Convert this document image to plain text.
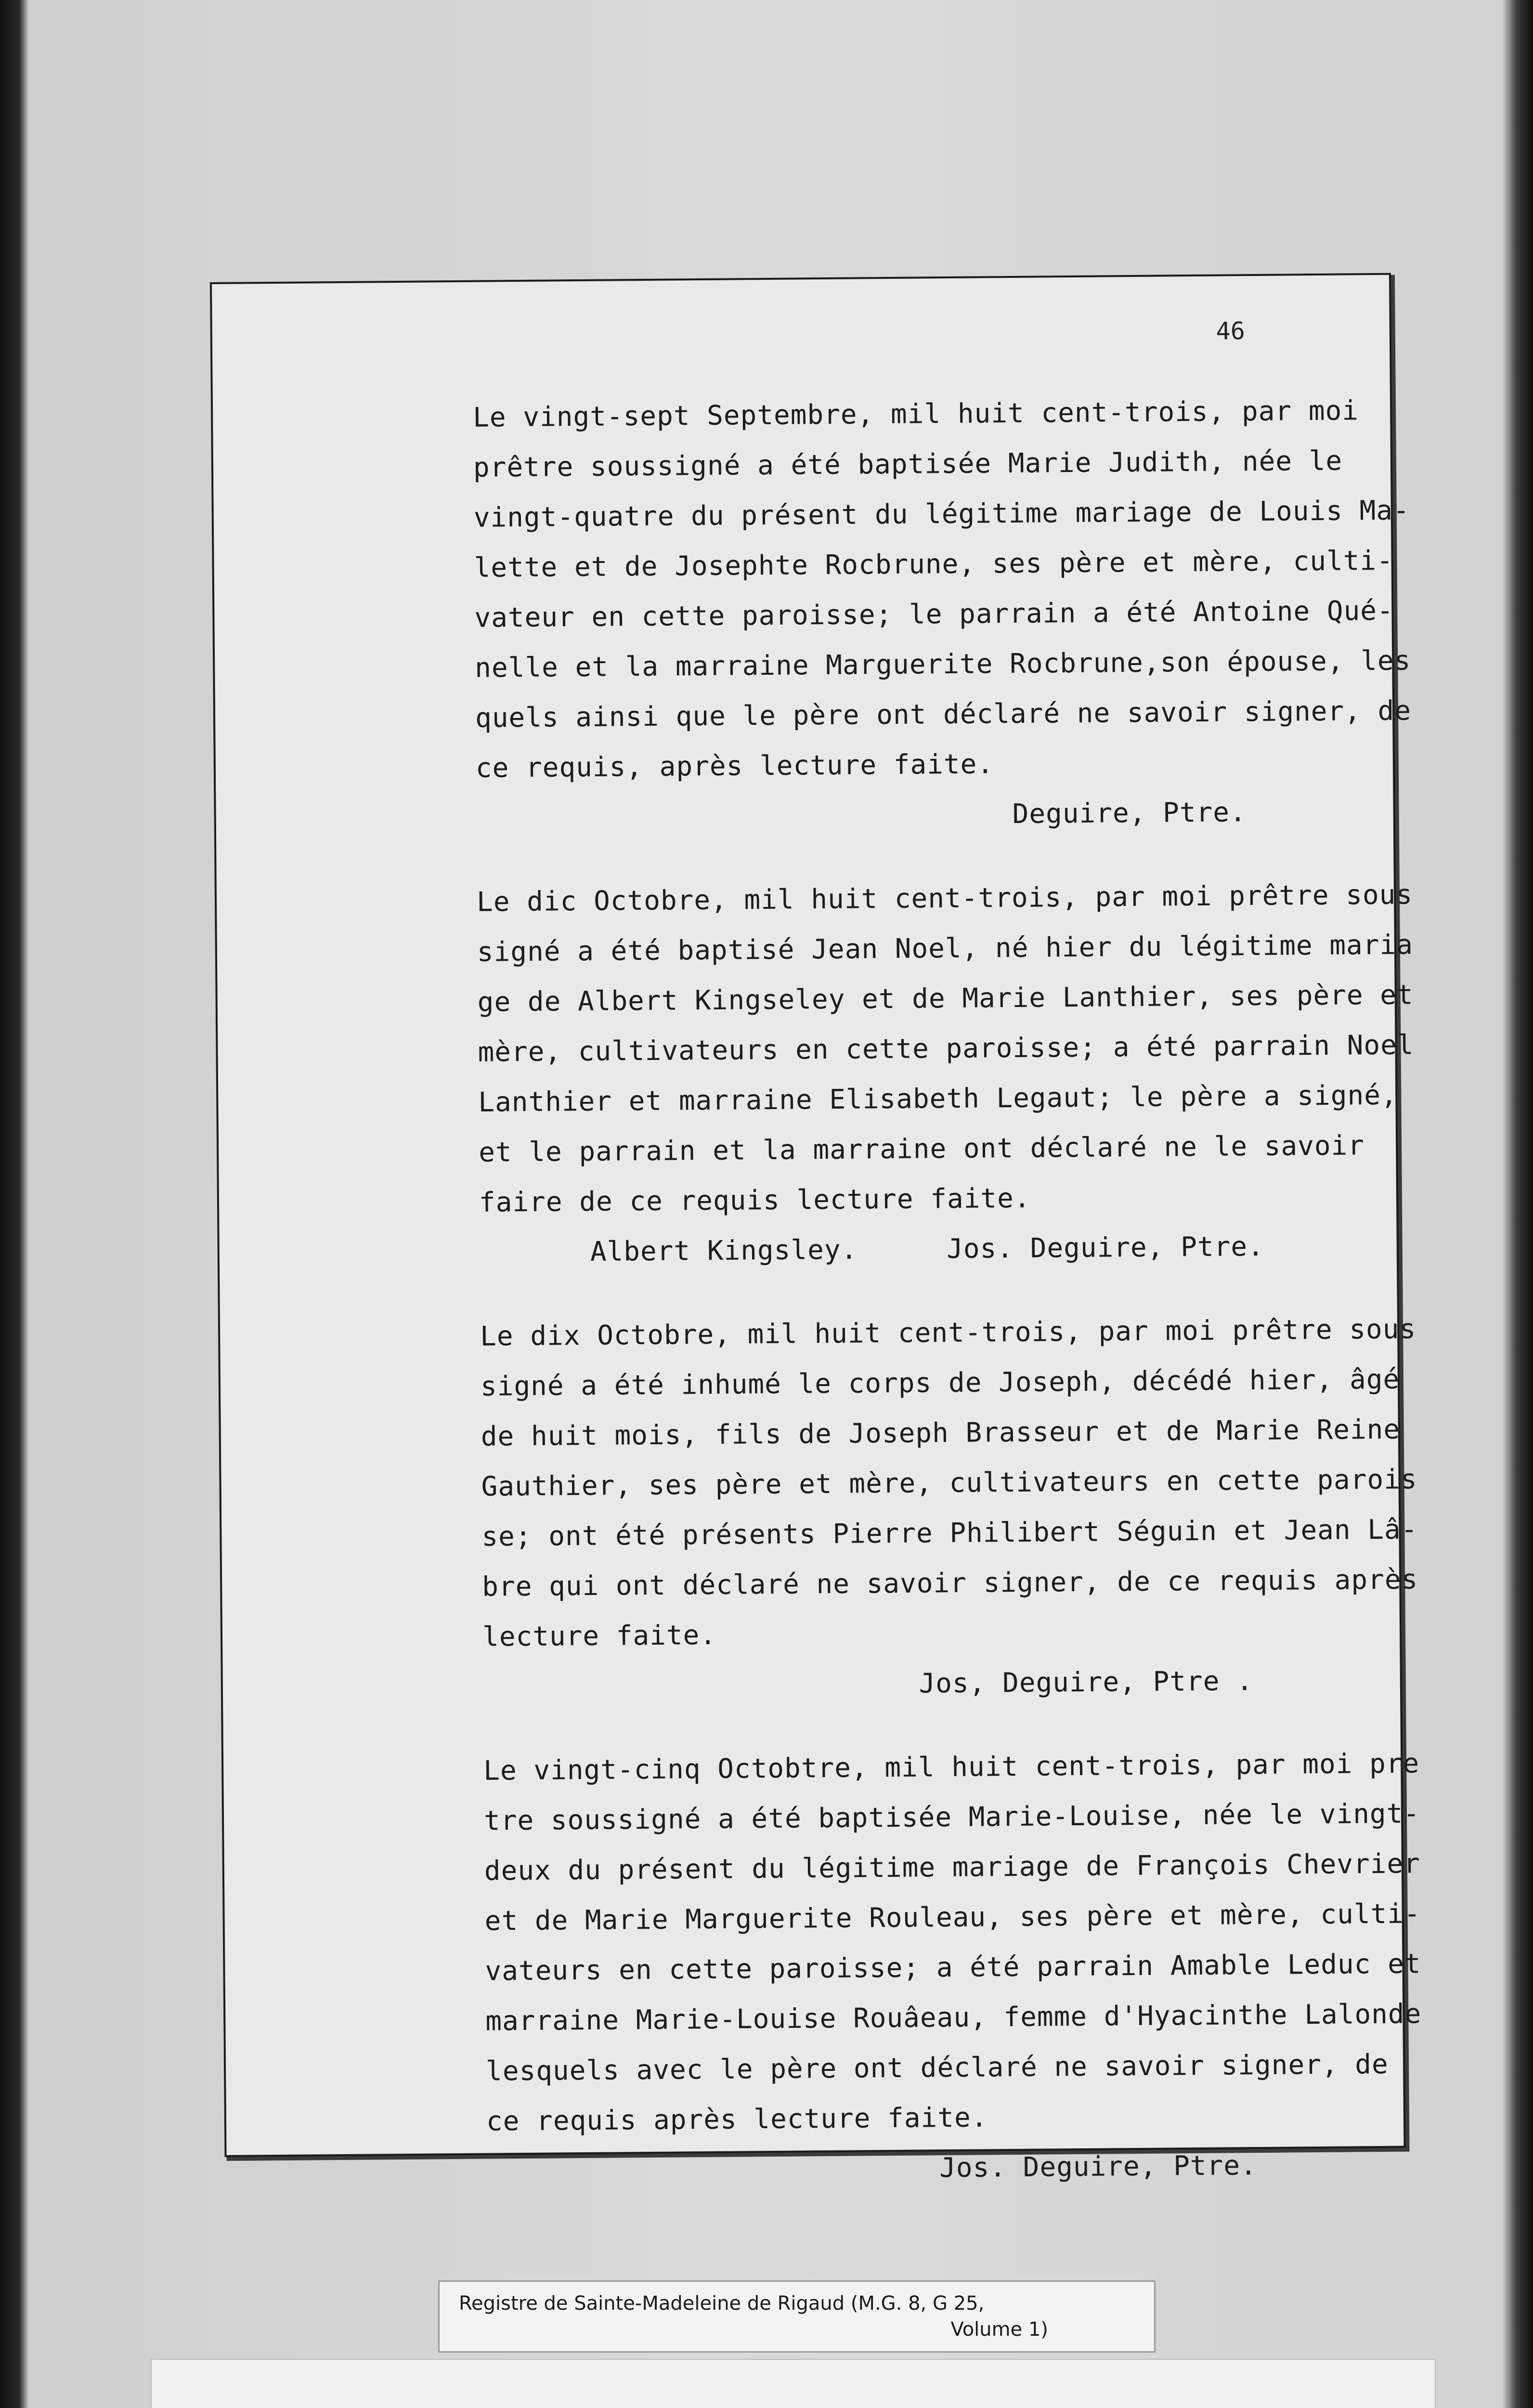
46
Le vingt-sept Septembre, mil huit cent-trois, par moi
prêtre soussigné a été baptisée Marie Judith, née le
vingt-quatre du présent du légitime mariage de Louis Ma-
lette et de Josephte Rocbrune, ses père et mère, culti-
vateur en cette paroisse; le parrain a été Antoine Qué-
nelle et la marraine Marguerite Rocbrune,son épouse, les
quels ainsi que le père ont déclaré ne savoir signer, de
ce requis, après lecture faite.
Deguire, Ptre.
Le dic Octobre, mil huit cent-trois, par moi prêtre sous
signé a été baptisé Jean Noel, né hier du légitime maria
ge de Albert Kingseley et de Marie Lanthier, ses père et
mère, cultivateurs en cette paroisse; a été parrain Noel
Lanthier et marraine Elisabeth Legaut; le père a signé,
et le parrain et la marraine ont déclaré ne le savoir
faire de ce requis lecture faite.
Albert Kingsley.	Jos. Deguire, Ptre.
Le dix Octobre, mil huit cent-trois, par moi prêtre sous
signé a été inhumé le corps de Joseph, décédé hier, âgé
de huit mois, fils de Joseph Brasseur et de Marie Reine
Gauthier, ses père et mère, cultivateurs en cette parois
se; ont été présents Pierre Philibert Séguin et Jean Lâ-
bre qui ont déclaré ne savoir signer, de ce requis après
lecture faite.
Jos, Deguire, Ptre .
Le vingt-cinq Octobtre, mil huit cent-trois, par moi pre
tre soussigné a été baptisée Marie-Louise, née le vingt-
deux du présent du légitime mariage de François Chevrier
et de Marie Marguerite Rouleau, ses père et mère, culti-
vateurs en cette paroisse; a été parrain Amable Leduc et
marraine Marie-Louise Rouâeau, femme d'Hyacinthe Lalonde
lesquels avec le père ont déclaré ne savoir signer, de
ce requis après lecture faite.
Jos. Deguire, Ptre.
Registre de Sainte-Madeleine de Rigaud (M.G. 8, G 25,
Volume 1)
